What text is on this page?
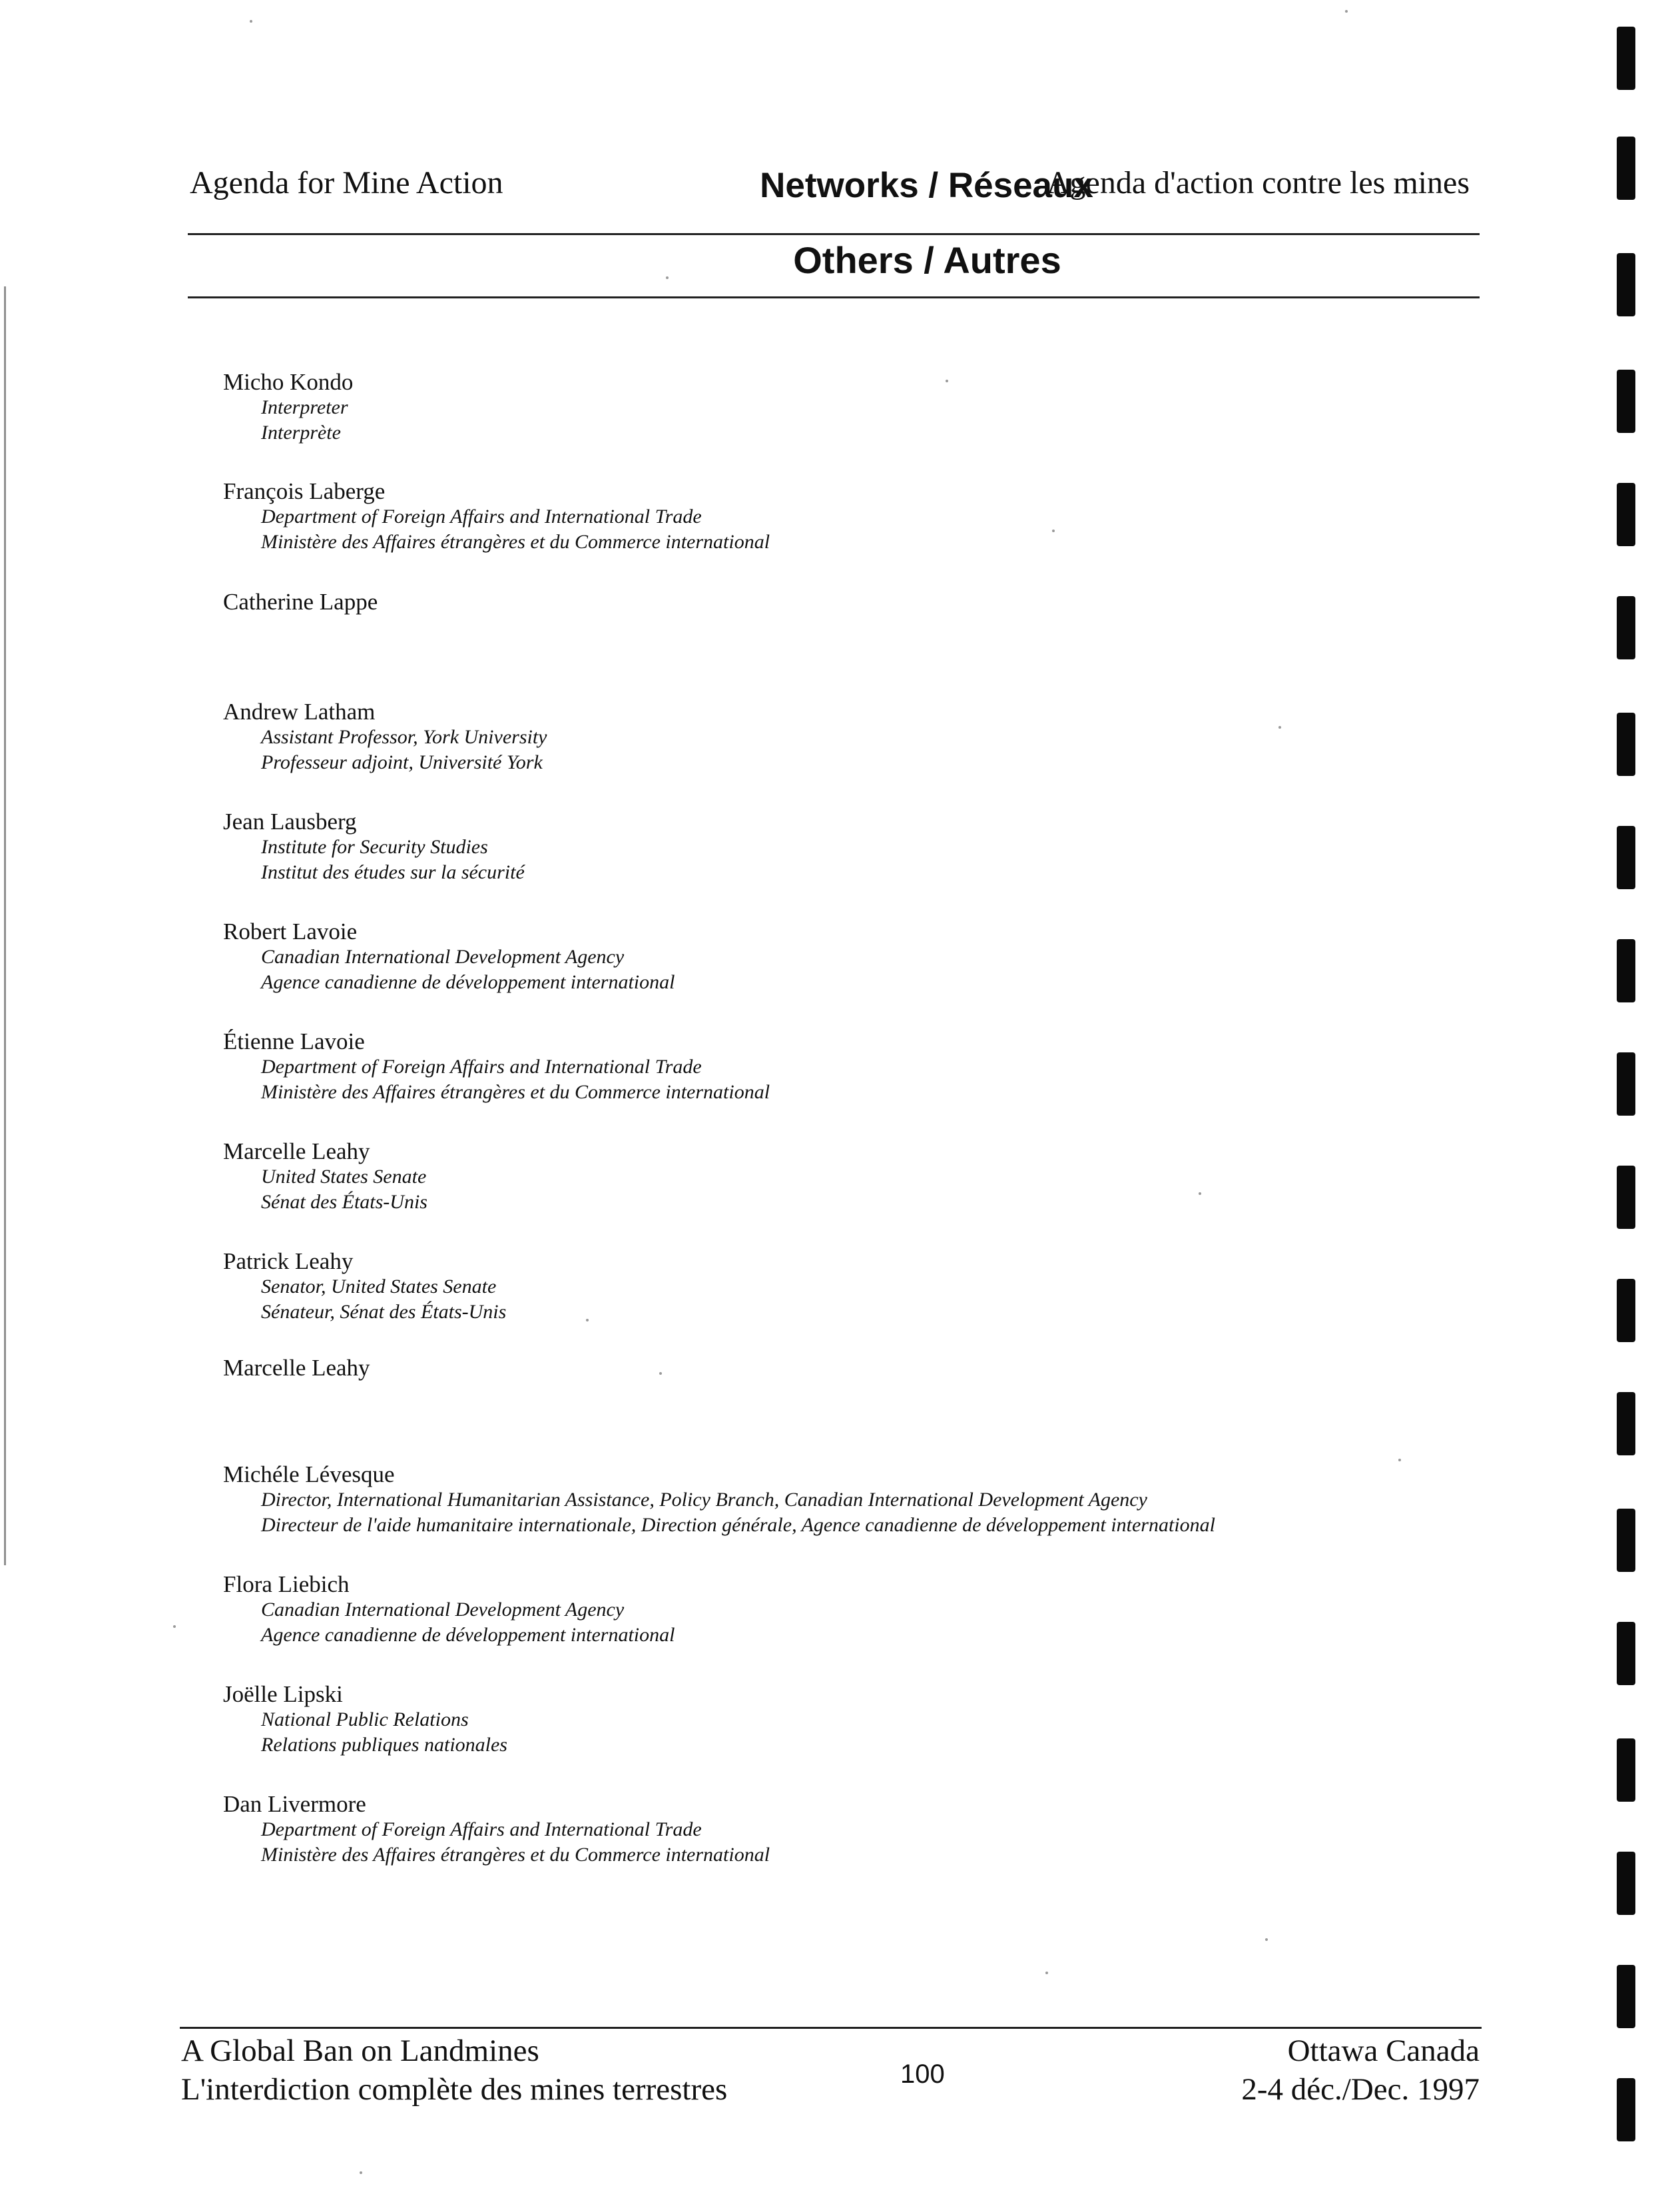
Agenda for Mine Action	Networks / Réseaux
Agenda d'action contre les mines
Others / Autres
Micho Kondo
Interpreter
Interprète
François Laberge
Department of Foreign Affairs and International Trade
Ministère des Affaires étrangères et du Commerce international
Catherine Lappe
Andrew Latham
Assistant Professor, York University
Professeur adjoint, Université York
Jean Lausberg
Institute for Security Studies
Institut des études sur la sécurité
Robert Lavoie
Canadian International Development Agency
Agence canadienne de développement international
Étienne Lavoie
Department of Foreign Affairs and International Trade
Ministère des Affaires étrangères et du Commerce international
Marcelle Leahy
United States Senate
Sénat des États-Unis
Patrick Leahy
Senator, United States Senate
Sénateur, Sénat des États-Unis
Marcelle Leahy
Michéle Lévesque
Director, International Humanitarian Assistance, Policy Branch, Canadian International Development Agency
Directeur de l'aide humanitaire internationale, Direction générale, Agence canadienne de développement international
Flora Liebich
Canadian International Development Agency
Agence canadienne de développement international
Joëlle Lipski
National Public Relations
Relations publiques nationales
Dan Livermore
Department of Foreign Affairs and International Trade
Ministère des Affaires étrangères et du Commerce international
A Global Ban on Landmines
L'interdiction complète des mines terrestres	100
Ottawa Canada
2-4 déc./Dec. 1997
